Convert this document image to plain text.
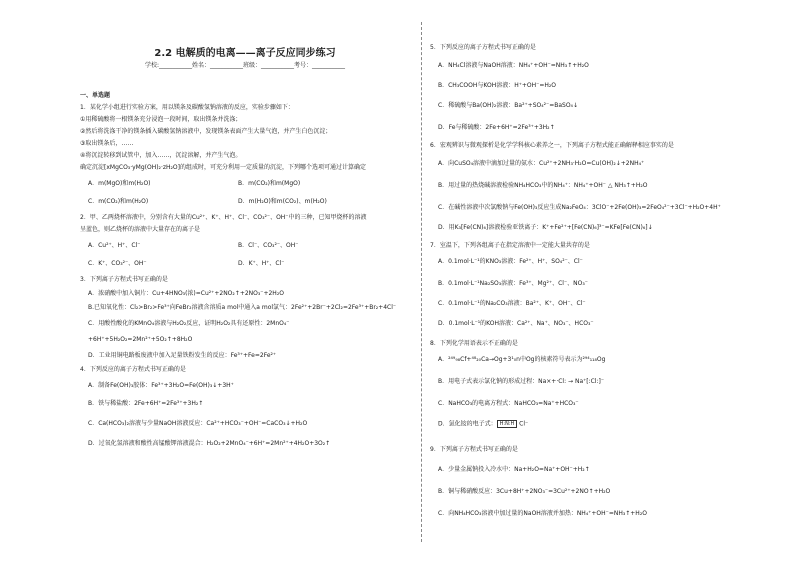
2.2 电解质的电离——离子反应同步练习
学校:___________姓名：___________班级：___________考号：___________
一、单选题
1．某化学小组进行实验方案，用以镁条及碳酸氢钠溶液的反应，实验步骤如下：
①用稀硫酸将一根镁条充分浸泡一段时间，取出镁条并洗涤；
②然后将洗涤干净的镁条插入碳酸氢钠溶液中，发现镁条表面产生大量气泡，并产生白色沉淀；
③取出镁条后，……
④将沉淀转移到试管中，加入……，沉淀溶解，并产生气泡。
确定沉淀[xMgCO₃·yMg(OH)₂·zH₂O]的组成时，可充分利用一定质量的沉淀，下列哪个选项可通过计算确定
A．m(MgO)和m(H₂O)	B．m(CO₂)和m(MgO)
C．m(CO₂)和m(H₂O)	D．m(H₂O)和m(CO₂)、m(H₂O)
2．甲、乙两烧杯溶液中，分别含有大量的Cu²⁺、K⁺、H⁺、Cl⁻、CO₃²⁻、OH⁻中的三种，已知甲烧杯的溶液
呈蓝色，则乙烧杯的溶液中大量存在的离子是
A．Cu²⁺、H⁺、Cl⁻	B．Cl⁻、CO₃²⁻、OH⁻
C．K⁺、CO₃²⁻、OH⁻	D．K⁺、H⁺、Cl⁻
3．下列离子方程式书写正确的是
A．浓硝酸中加入铜片：Cu+4HNO₃(浓)=Cu²⁺+2NO₂↑+2NO₃⁻+2H₂O
B.已知氧化性：Cl₂>Br₂>Fe³⁺向FeBr₂溶液含溶质a mol中通入a mol氯气：2Fe²⁺+2Br⁻+2Cl₂=2Fe³⁺+Br₂+4Cl⁻
C．用酸性酸化的KMnO₄溶液与H₂O₂反应，证明H₂O₂具有还原性：2MnO₄⁻
+6H⁺+5H₂O₂=2Mn²⁺+5O₂↑+8H₂O
D．工业用铜电路板废液中加入足量铁粉发生的反应：Fe³⁺+Fe=2Fe²⁺
4．下列反应的离子方程式书写正确的是
A．制备Fe(OH)₃胶体：Fe³⁺+3H₂O=Fe(OH)₃↓+3H⁺
B．铁与稀盐酸：2Fe+6H⁺=2Fe³⁺+3H₂↑
C．Ca(HCO₃)₂溶液与少量NaOH溶液反应：Ca²⁺+HCO₃⁻+OH⁻=CaCO₃↓+H₂O
D．过氧化氢溶液和酸性高锰酸钾溶液混合：H₂O₂+2MnO₄⁻+6H⁺=2Mn²⁺+4H₂O+3O₂↑
5．下列反应的离子方程式书写正确的是
A．NH₄Cl溶液与NaOH溶液：NH₄⁺+OH⁻=NH₃↑+H₂O
B．CH₃COOH与KOH溶液：H⁺+OH⁻=H₂O
C．稀硫酸与Ba(OH)₂溶液：Ba²⁺+SO₄²⁻=BaSO₄↓
D．Fe与稀硫酸：2Fe+6H⁺=2Fe³⁺+3H₂↑
6．宏观辨识与微观探析是化学学科核心素养之一，下列离子方程式能正确解释相应事实的是
A．向CuSO₄溶液中滴加过量的氨水：Cu²⁺+2NH₃·H₂O=Cu(OH)₂↓+2NH₄⁺
B．用过量的热烧碱溶液检验NH₄HCO₃中的NH₄⁺：NH₄⁺+OH⁻ △ NH₃↑+H₂O
C．在碱性溶液中次氯酸钠与Fe(OH)₃反应生成Na₂FeO₄：3ClO⁻+2Fe(OH)₃=2FeO₄²⁻+3Cl⁻+H₂O+4H⁺
D．用K₃[Fe(CN)₆]溶液检验亚铁离子：K⁺+Fe²⁺+[Fe(CN)₆]³⁻=KFe[Fe(CN)₆]↓
7．室温下，下列各组离子在指定溶液中一定能大量共存的是
A．0.1mol·L⁻¹的KNO₃溶液：Fe²⁺、H⁺、SO₄²⁻、Cl⁻
B．0.1mol·L⁻¹Na₂SO₃溶液：Fe³⁺、Mg²⁺、Cl⁻、NO₃⁻
C．0.1mol·L⁻¹的Na₂CO₃溶液：Ba²⁺、K⁺、OH⁻、Cl⁻
D．0.1mol·L⁻¹的KOH溶液：Ca²⁺、Na⁺、NO₃⁻、HCO₃⁻
8．下列化学用语表示不正确的是
A．²⁴⁹₉₈Cf+⁴⁸₂₀Ca→Og+3¹₀n中Og的核素符号表示为²⁹⁴₁₁₈Og
B．用电子式表示氯化钠的形成过程：Na×+·Cl: → Na⁺[:Cl:]⁻
C．NaHCO₃的电离方程式：NaHCO₃=Na⁺+HCO₃⁻
D．氯化铵的电子式： H:N:H Cl⁻
9．下列离子方程式书写正确的是
A．少量金属钠投入冷水中：Na+H₂O=Na⁺+OH⁻+H₂↑
B．铜与稀硝酸反应：3Cu+8H⁺+2NO₃⁻=3Cu²⁺+2NO↑+H₂O
C．向NH₄HCO₃溶液中加过量的NaOH溶液并加热：NH₄⁺+OH⁻=NH₃↑+H₂O
